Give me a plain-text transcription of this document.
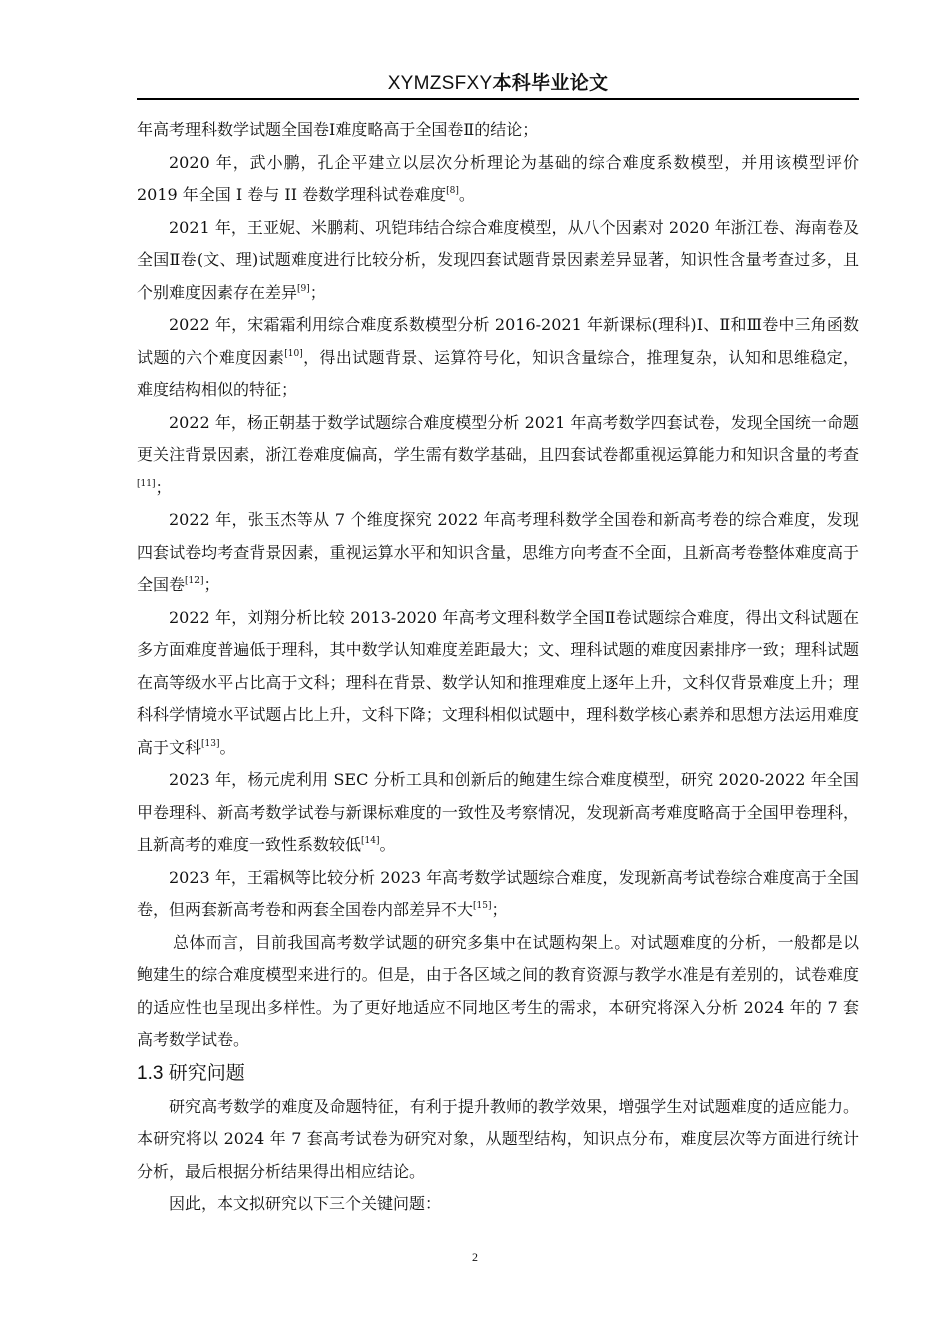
XYMZSFXY本科毕业论文

年高考理科数学试题全国卷Ⅰ难度略高于全国卷Ⅱ的结论；

2020 年，武小鹏，孔企平建立以层次分析理论为基础的综合难度系数模型，并用该模型评价 2019 年全国 I 卷与 II 卷数学理科试卷难度[8]。

2021 年，王亚妮、米鹏莉、巩铠玮结合综合难度模型，从八个因素对 2020 年浙江卷、海南卷及全国Ⅱ卷(文、理)试题难度进行比较分析，发现四套试题背景因素差异显著，知识性含量考查过多，且个别难度因素存在差异[9]；

2022 年，宋霜霜利用综合难度系数模型分析 2016-2021 年新课标(理科)Ⅰ、Ⅱ和Ⅲ卷中三角函数试题的六个难度因素[10]，得出试题背景、运算符号化，知识含量综合，推理复杂，认知和思维稳定，难度结构相似的特征；

2022 年，杨正朝基于数学试题综合难度模型分析 2021 年高考数学四套试卷，发现全国统一命题更关注背景因素，浙江卷难度偏高，学生需有数学基础，且四套试卷都重视运算能力和知识含量的考查[11]；

2022 年，张玉杰等从 7 个维度探究 2022 年高考理科数学全国卷和新高考卷的综合难度，发现四套试卷均考查背景因素，重视运算水平和知识含量，思维方向考查不全面，且新高考卷整体难度高于全国卷[12]；

2022 年，刘翔分析比较 2013-2020 年高考文理科数学全国Ⅱ卷试题综合难度，得出文科试题在多方面难度普遍低于理科，其中数学认知难度差距最大；文、理科试题的难度因素排序一致；理科试题在高等级水平占比高于文科；理科在背景、数学认知和推理难度上逐年上升，文科仅背景难度上升；理科科学情境水平试题占比上升，文科下降；文理科相似试题中，理科数学核心素养和思想方法运用难度高于文科[13]。

2023 年，杨元虎利用 SEC 分析工具和创新后的鲍建生综合难度模型，研究 2020-2022 年全国甲卷理科、新高考数学试卷与新课标难度的一致性及考察情况，发现新高考难度略高于全国甲卷理科，且新高考的难度一致性系数较低[14]。

2023 年，王霜枫等比较分析 2023 年高考数学试题综合难度，发现新高考试卷综合难度高于全国卷，但两套新高考卷和两套全国卷内部差异不大[15]；

总体而言，目前我国高考数学试题的研究多集中在试题构架上。对试题难度的分析，一般都是以鲍建生的综合难度模型来进行的。但是，由于各区域之间的教育资源与教学水准是有差别的，试卷难度的适应性也呈现出多样性。为了更好地适应不同地区考生的需求，本研究将深入分析 2024 年的 7 套高考数学试卷。

1.3 研究问题

研究高考数学的难度及命题特征，有利于提升教师的教学效果，增强学生对试题难度的适应能力。本研究将以 2024 年 7 套高考试卷为研究对象，从题型结构，知识点分布，难度层次等方面进行统计分析，最后根据分析结果得出相应结论。

因此，本文拟研究以下三个关键问题：

2
